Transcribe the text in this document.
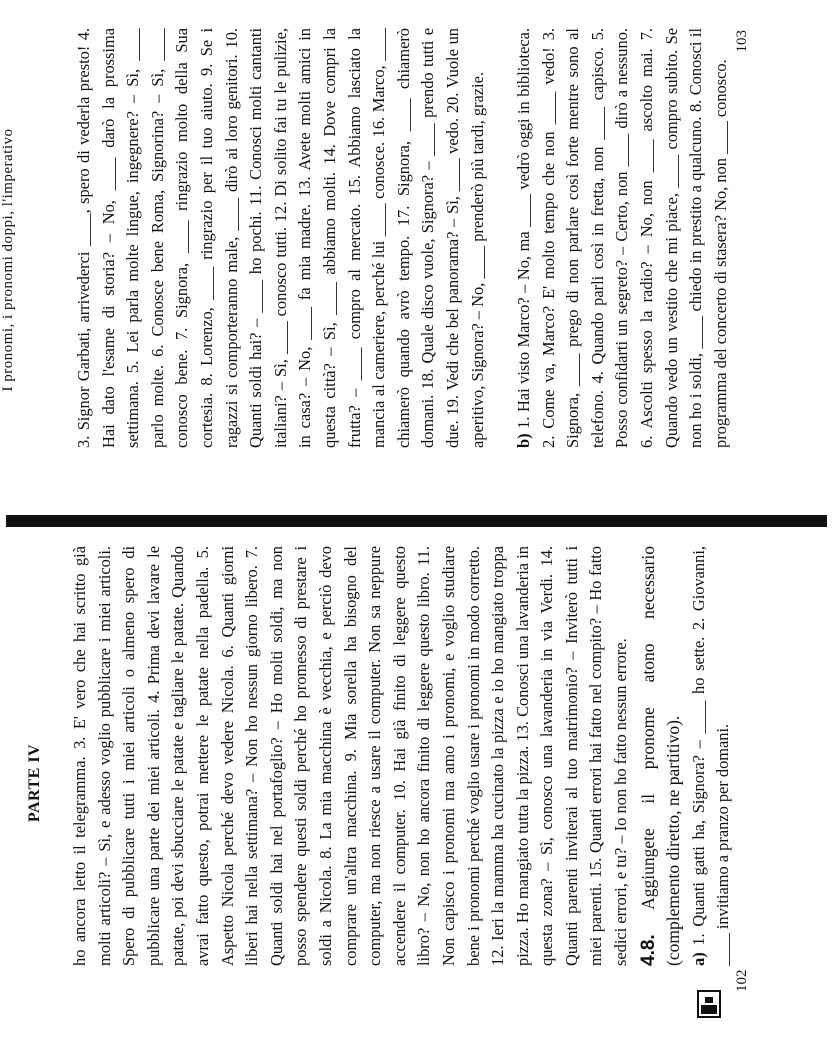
PARTE IV ho ancora letto il telegramma. 3. E' vero che hai scritto già molti articoli? – Sì, e adesso voglio pubblicare i miei articoli. Spero di pubblicare tutti i miei articoli o almeno spero di pubblicare una parte dei miei articoli. 4. Prima devi lavare le patate, poi devi sbucciare le patate e tagliare le patate. Quando avrai fatto questo, potrai mettere le patate nella padella. 5. Aspetto Nicola perché devo vedere Nicola. 6. Quanti giorni liberi hai nella settimana? – Non ho nessun giorno libero. 7. Quanti soldi hai nel portafoglio? – Ho molti soldi, ma non posso spendere questi soldi perché ho promesso di prestare i soldi a Nicola. 8. La mia macchina è vecchia, e perciò devo comprare un'altra macchina. 9. Mia sorella ha bisogno del computer, ma non riesce a usare il computer. Non sa neppure accendere il computer. 10. Hai già finito di leggere questo libro? – No, non ho ancora finito di leggere questo libro. 11. Non capisco i pronomi ma amo i pronomi, e voglio studiare bene i pronomi perché voglio usare i pronomi in modo corretto. 12. Ieri la mamma ha cucinato la pizza e io ho mangiato troppa pizza. Ho mangiato tutta la pizza. 13. Conosci una lavanderia in questa zona? – Sì, conosco una lavanderia in via Verdi. 14. Quanti parenti inviterai al tuo matrimonio? – Inviterò tutti i miei parenti. 15. Quanti errori hai fatto nel compito? – Ho fatto sedici errori, e tu? – Io non ho fatto nessun errore. 4.8. Aggiungete il pronome atono necessario (complemento diretto, ne partitivo).
a) 1. Quanti gatti ha, Signora? – ____ ho sette. 2. Giovanni, ____ invitiamo a pranzo per domani.
102
I pronomi, i pronomi doppi, l'imperativo	3. Signor Garbati, arrivederci ____, spero di vederla presto! 4. Hai dato l'esame di storia? – No, ____ darò la prossima settimana. 5. Lei parla molte lingue, ingegnere? – Sì, ____ parlo molte. 6. Conosce bene Roma, Signorina? – Sì, ____ conosco bene. 7. Signora, ____ ringrazio molto della Sua cortesia. 8. Lorenzo, ____ ringrazio per il tuo aiuto. 9. Se i ragazzi si comporteranno male, ____ dirò ai loro genitori. 10. Quanti soldi hai? – ____ ho pochi. 11. Conosci molti cantanti italiani? – Sì, ____ conosco tutti. 12. Di solito fai tu le pulizie, in casa? – No, ____ fa mia madre. 13. Avete molti amici in questa città? – Sì, ____ abbiamo molti. 14. Dove compri la frutta? – ____ compro al mercato. 15. Abbiamo lasciato la mancia al cameriere, perché lui ____ conosce. 16. Marco, ____ chiamerò quando avrò tempo. 17. Signora, ____ chiamerò domani. 18. Quale disco vuole, Signora? – ____ prendo tutti e due. 19. Vedi che bel panorama? – Sì, ____ vedo. 20. Vuole un aperitivo, Signora? – No, ____ prenderò più tardi, grazie. b) 1. Hai visto Marco? – No, ma ____ vedrò oggi in biblioteca. 2. Come va, Marco? E' molto tempo che non ____ vedo! 3. Signora, ____ prego di non parlare così forte mentre sono al telefono. 4. Quando parli così in fretta, non ____ capisco. 5. Posso confidarti un segreto? – Certo, non ____ dirò a nessuno. 6. Ascolti spesso la radio? – No, non ____ ascolto mai. 7. Quando vedo un vestito che mi piace, ____ compro subito. Se non ho i soldi, ____ chiedo in prestito a qualcuno. 8. Conosci il programma del concerto di stasera? No, non ____ conosco.

103
